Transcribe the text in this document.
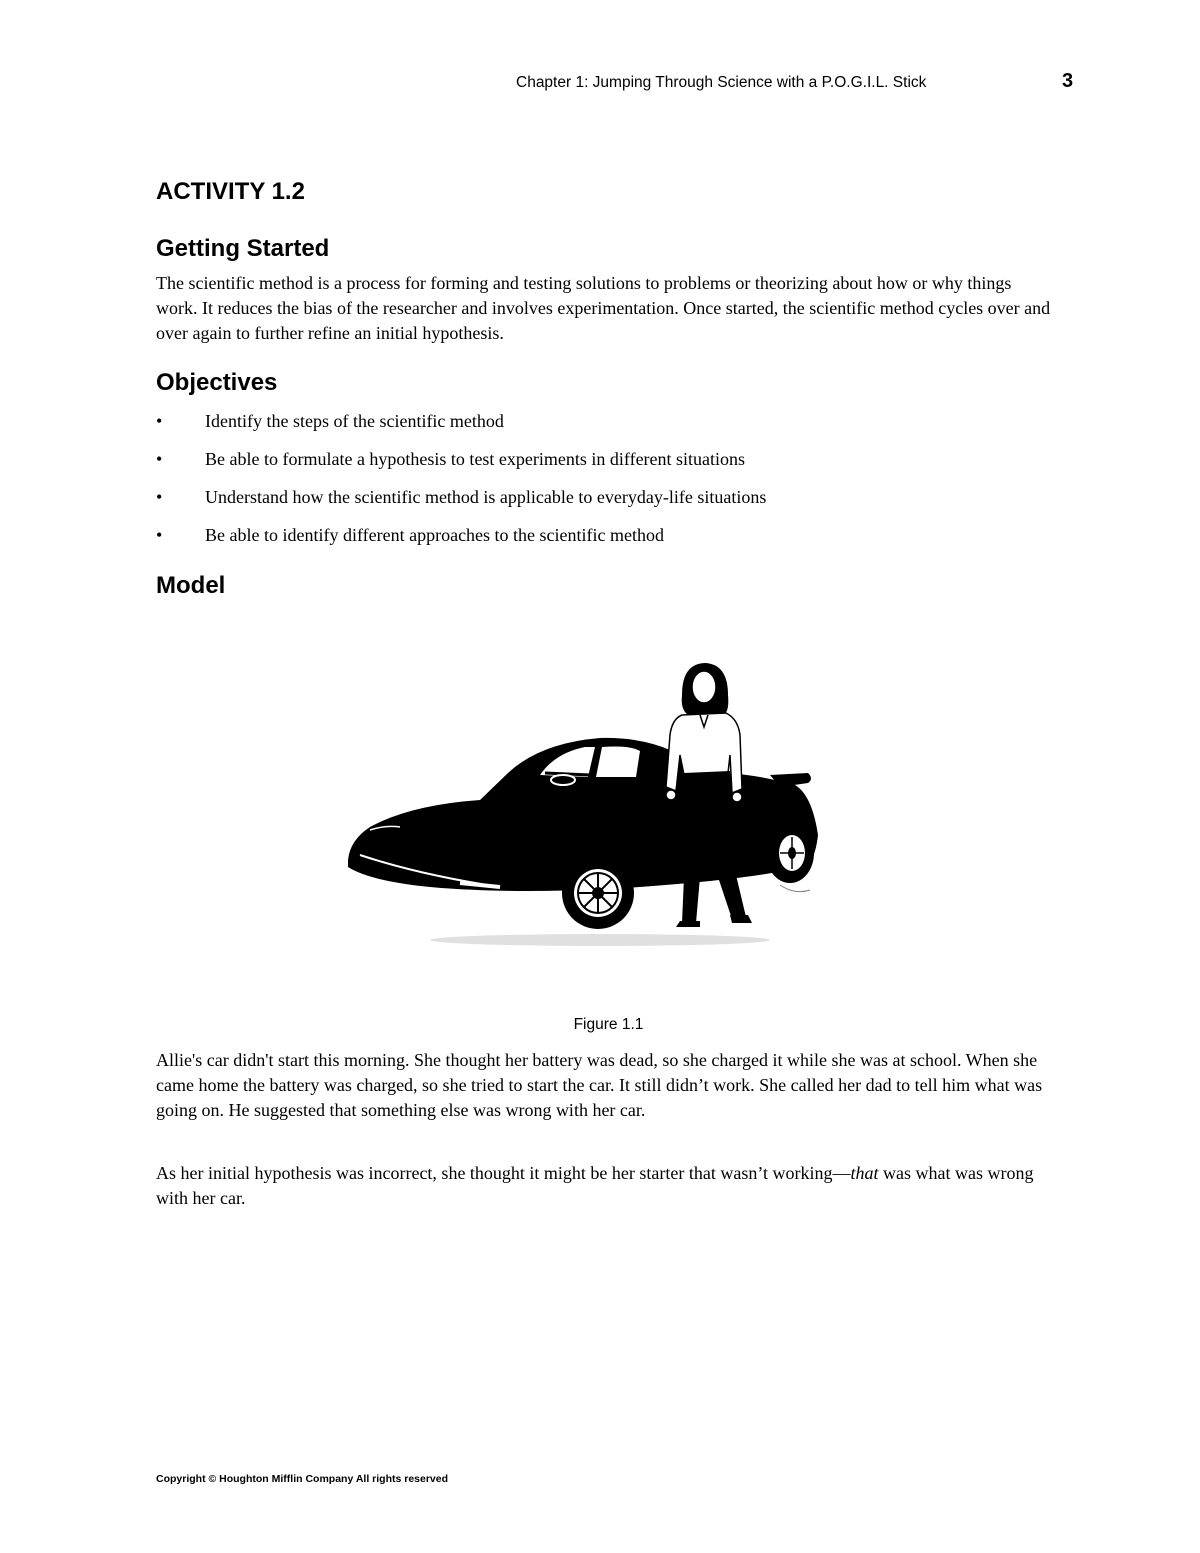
Chapter 1: Jumping Through Science with a P.O.G.I.L. Stick	3
ACTIVITY 1.2
Getting Started

The scientific method is a process for forming and testing solutions to problems or theorizing about how or why things work. It reduces the bias of the researcher and involves experimentation. Once started, the scientific method cycles over and over again to further refine an initial hypothesis.

Objectives
• Identify the steps of the scientific method
• Be able to formulate a hypothesis to test experiments in different situations
• Understand how the scientific method is applicable to everyday-life situations
• Be able to identify different approaches to the scientific method
Model
Figure 1.1

Allie's car didn't start this morning. She thought her battery was dead, so she charged it while she was at school. When she came home the battery was charged, so she tried to start the car. It still didn’t work. She called her dad to tell him what was going on. He suggested that something else was wrong with her car.

As her initial hypothesis was incorrect, she thought it might be her starter that wasn’t working—that was what was wrong with her car.

Copyright © Houghton Mifflin Company All rights reserved
